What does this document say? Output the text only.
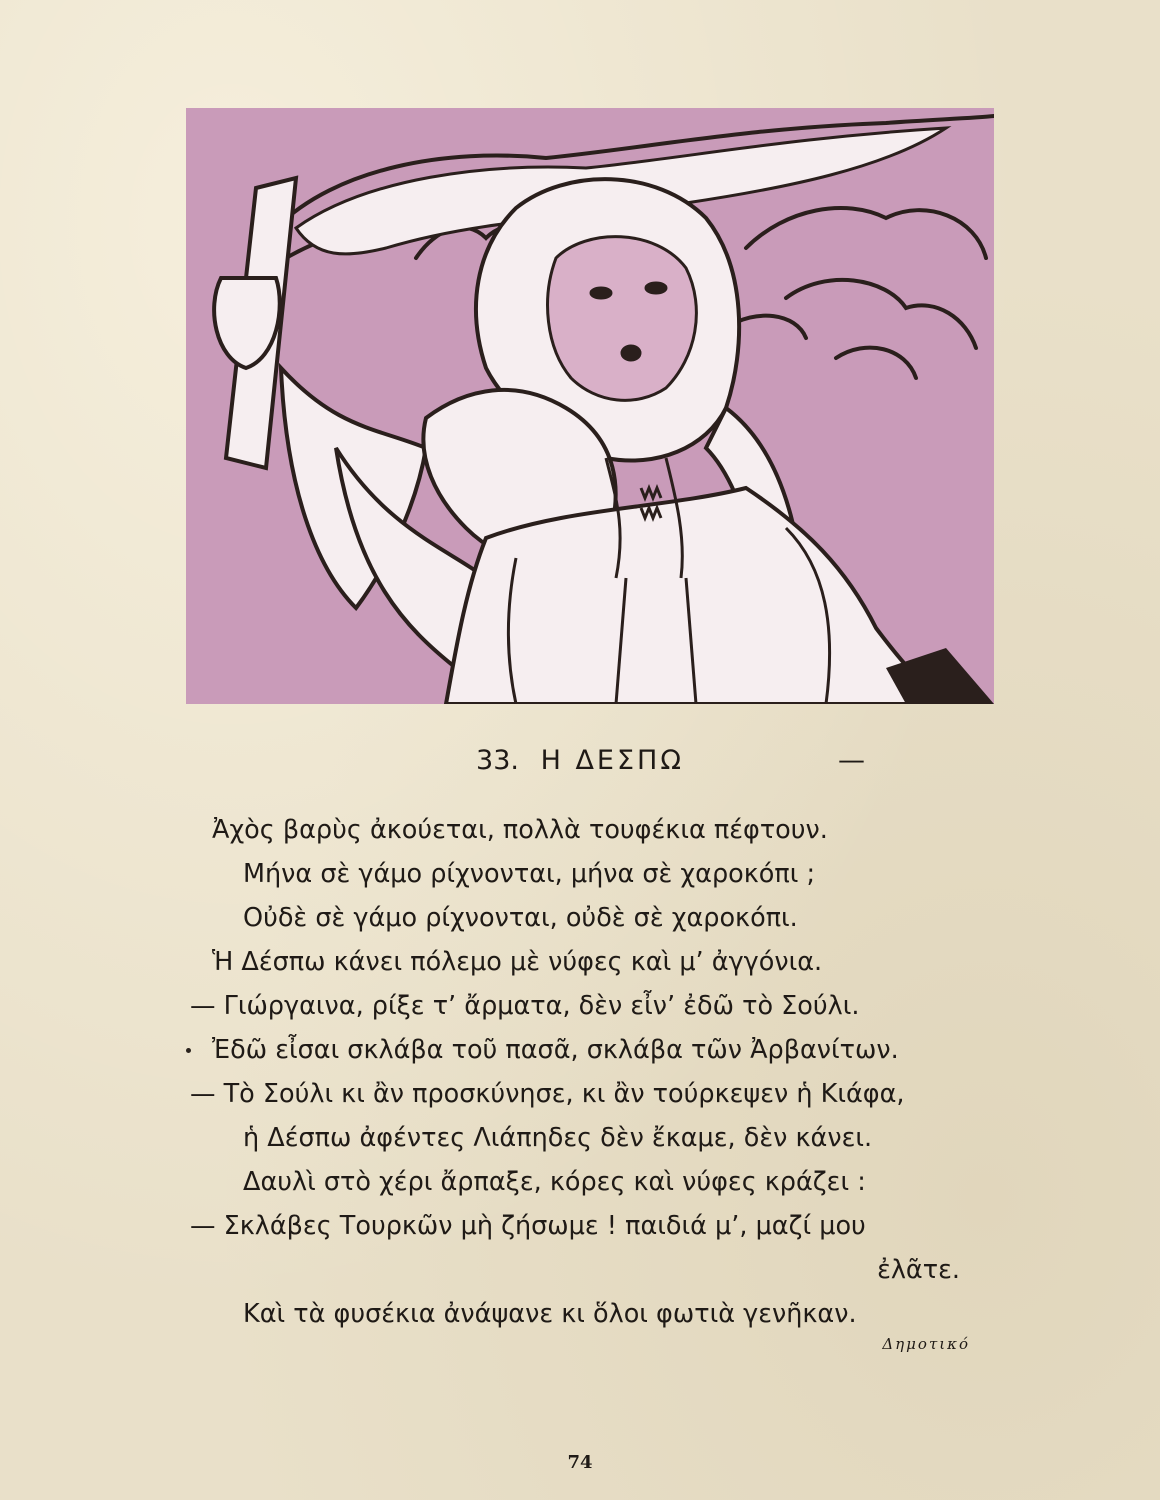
33. Η ΔΕΣΠΩ	—
Ἀχὸς βαρὺς ἀκούεται, πολλὰ τουφέκια πέφτουν.
Μήνα σὲ γάμο ρίχνονται, μήνα σὲ χαροκόπι ;
Οὐδὲ σὲ γάμο ρίχνονται, οὐδὲ σὲ χαροκόπι.
Ἡ Δέσπω κάνει πόλεμο μὲ νύφες καὶ μ’ ἀγγόνια.
— Γιώργαινα, ρίξε τ’ ἄρματα, δὲν εἶν’ ἐδῶ τὸ Σούλι.
Ἐδῶ εἶσαι σκλάβα τοῦ πασᾶ, σκλάβα τῶν Ἀρβανίτων.
— Τὸ Σούλι κι ἂν προσκύνησε, κι ἂν τούρκεψεν ἡ Κιάφα,
ἡ Δέσπω ἀφέντες Λιάπηδες δὲν ἔκαμε, δὲν κάνει.
Δαυλὶ στὸ χέρι ἄρπαξε, κόρες καὶ νύφες κράζει :
— Σκλάβες Τουρκῶν μὴ ζήσωμε ! παιδιά μ’, μαζί μου
ἐλᾶτε.
Καὶ τὰ φυσέκια ἀνάψανε κι ὅλοι φωτιὰ γενῆκαν.
Δημοτικό
74
